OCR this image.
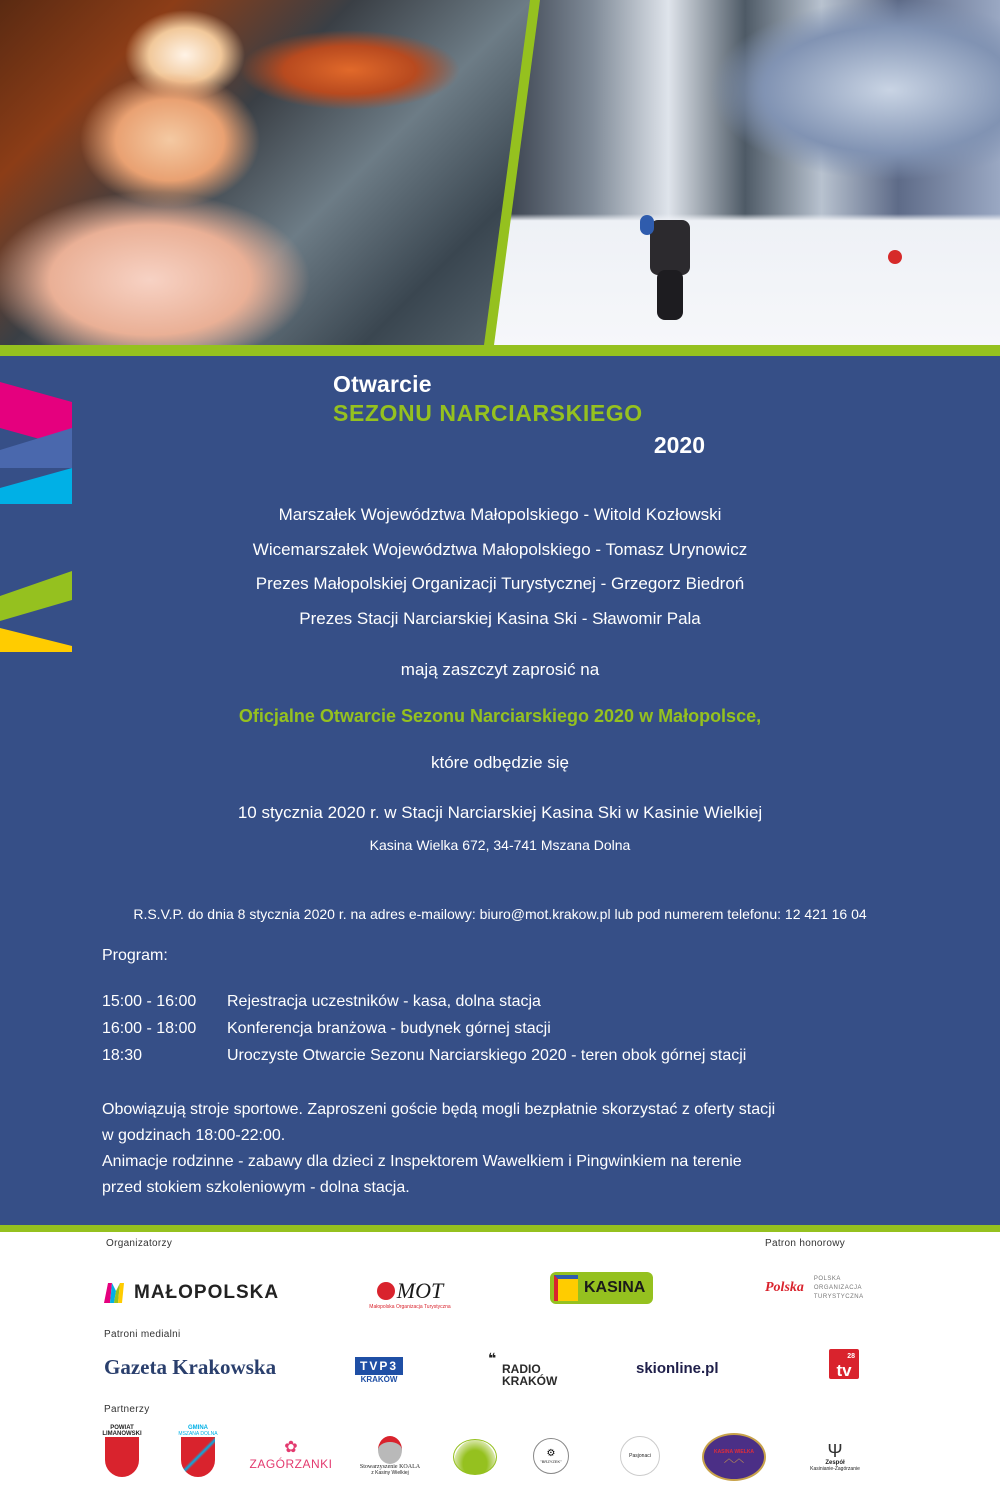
Otwarcie
SEZONU NARCIARSKIEGO
2020
Marszałek Województwa Małopolskiego - Witold Kozłowski
Wicemarszałek Województwa Małopolskiego - Tomasz Urynowicz
Prezes Małopolskiej Organizacji Turystycznej - Grzegorz Biedroń
Prezes Stacji Narciarskiej Kasina Ski - Sławomir Pala
mają zaszczyt zaprosić na
Oficjalne Otwarcie Sezonu Narciarskiego 2020 w Małopolsce,
które odbędzie się
10 stycznia 2020 r. w Stacji Narciarskiej Kasina Ski w Kasinie Wielkiej
Kasina Wielka 672, 34-741 Mszana Dolna
R.S.V.P. do dnia 8 stycznia 2020 r. na adres e-mailowy: biuro@mot.krakow.pl lub pod numerem telefonu: 12 421 16 04
Program:
15:00 - 16:00	Rejestracja uczestników - kasa, dolna stacja
16:00 - 18:00	Konferencja branżowa - budynek górnej stacji
18:30	Uroczyste Otwarcie Sezonu Narciarskiego 2020 - teren obok górnej stacji
Obowiązują stroje sportowe. Zaproszeni goście będą mogli bezpłatnie skorzystać z oferty stacji
w godzinach 18:00-22:00.
Animacje rodzinne - zabawy dla dzieci z Inspektorem Wawelkiem i Pingwinkiem na terenie
przed stokiem szkoleniowym - dolna stacja.
Organizatorzy	Patron honorowy
MAŁOPOLSKA	MOT
Małopolska Organizacja Turystyczna
KASINA	Polska
POLSKA
ORGANIZACJA
TURYSTYCZNA
Patroni medialni
Gazeta Krakowska	TVP3
KRAKÓW
❝
RADIO
KRAKÓW
skionline.pl
28
tv
Partnerzy
POWIAT
LIMANOWSKI
GMINA
MSZANA DOLNA
✿
ZAGÓRZANKI	Stowarzyszenie KOALA
z Kasiny Wielkiej
⚙
"BRZYZEK"
Pasjonaci
KASINA WIELKA
︿︿	Ψ
Zespół
Kasinianie-Zagórzanie
